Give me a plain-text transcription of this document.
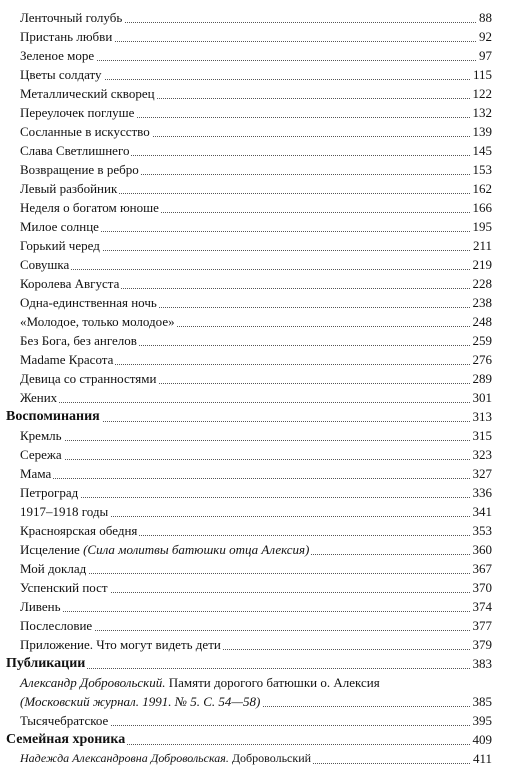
Ленточный голубь	88
Пристань любви	92
Зеленое море	97
Цветы солдату	115
Металлический скворец	122
Переулочек поглуше	132
Сосланные в искусство	139
Слава Светлишнего	145
Возвращение в ребро	153
Левый разбойник	162
Неделя о богатом юноше	166
Милое солнце	195
Горький черед	211
Совушка	219
Королева Августа	228
Одна-единственная ночь	238
«Молодое, только молодое»	248
Без Бога, без ангелов	259
Madame Красота	276
Девица со странностями	289
Жених	301
Воспоминания	313
Кремль	315
Сережа	323
Мама	327
Петроград	336
1917–1918 годы	341
Красноярская обедня	353
Исцеление (Сила молитвы батюшки отца Алексия)	360
Мой доклад	367
Успенский пост	370
Ливень	374
Послесловие	377
Приложение. Что могут видеть дети	379
Публикации	383
Александр Добровольский. Памяти дорогого батюшки о. Алексия
(Московский журнал. 1991. № 5. С. 54—58)	385
Тысячебратское	395
Семейная хроника	409
Надежда Александровна Добровольская. Добровольский	411
